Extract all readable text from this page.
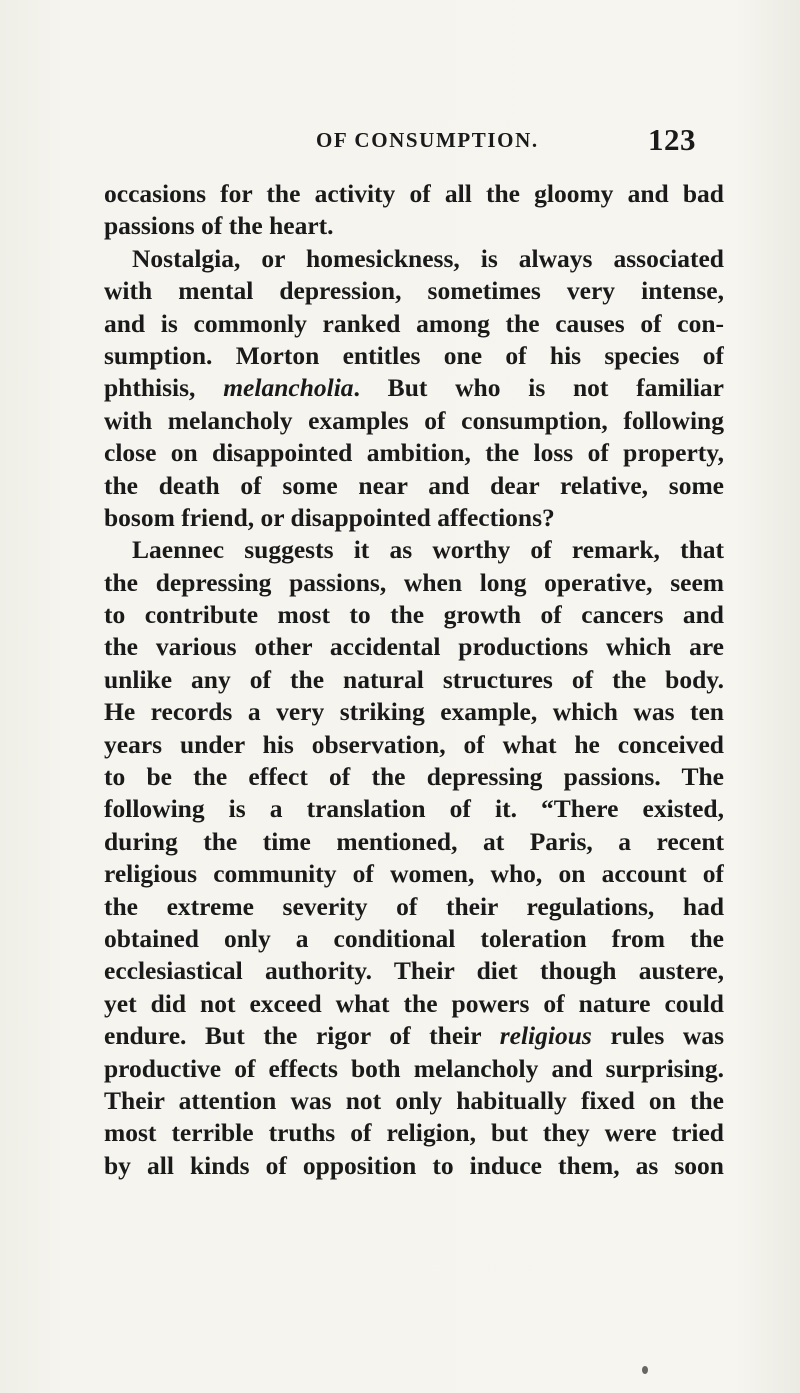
OF CONSUMPTION.	123
occasions for the activity of all the gloomy and bad
passions of the heart.
Nostalgia, or homesickness, is always associated
with mental depression, sometimes very intense,
and is commonly ranked among the causes of con-
sumption. Morton entitles one of his species of
phthisis, melancholia. But who is not familiar
with melancholy examples of consumption, following
close on disappointed ambition, the loss of property,
the death of some near and dear relative, some
bosom friend, or disappointed affections?
Laennec suggests it as worthy of remark, that
the depressing passions, when long operative, seem
to contribute most to the growth of cancers and
the various other accidental productions which are
unlike any of the natural structures of the body.
He records a very striking example, which was ten
years under his observation, of what he conceived
to be the effect of the depressing passions. The
following is a translation of it. “There existed,
during the time mentioned, at Paris, a recent
religious community of women, who, on account of
the extreme severity of their regulations, had
obtained only a conditional toleration from the
ecclesiastical authority. Their diet though austere,
yet did not exceed what the powers of nature could
endure. But the rigor of their religious rules was
productive of effects both melancholy and surprising.
Their attention was not only habitually fixed on the
most terrible truths of religion, but they were tried
by all kinds of opposition to induce them, as soon
